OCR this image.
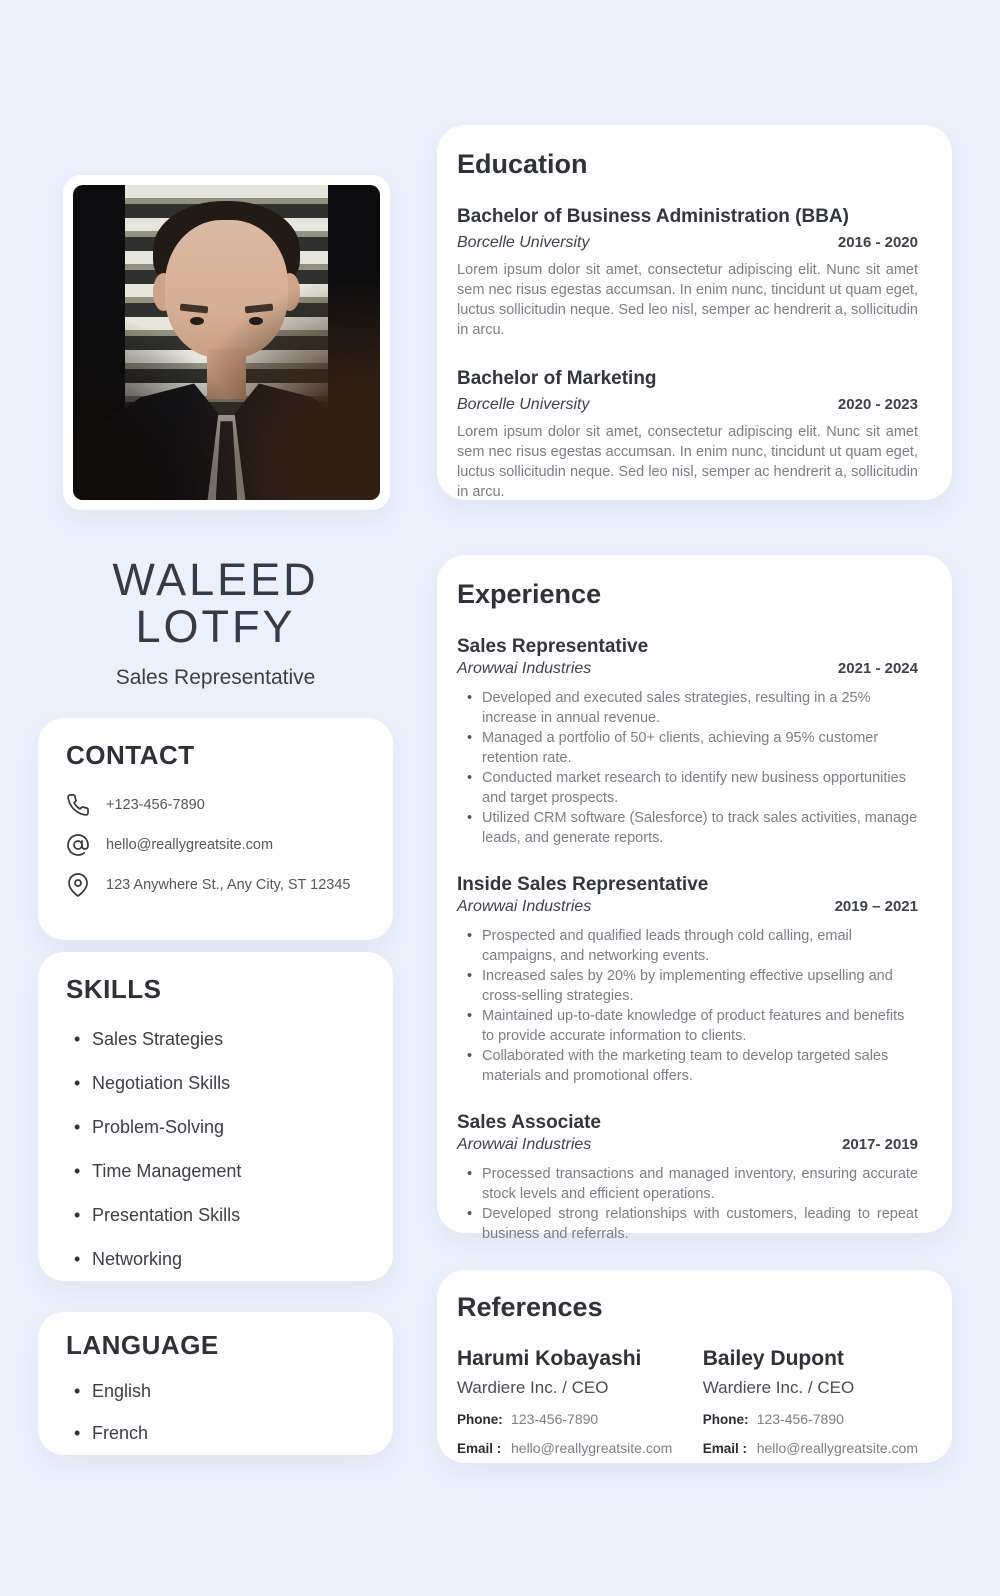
WALEED
LOTFY
Sales Representative
CONTACT
+123-456-7890
hello@reallygreatsite.com
123 Anywhere St., Any City, ST 12345
SKILLS
• Sales Strategies
• Negotiation Skills
• Problem-Solving
• Time Management
• Presentation Skills
• Networking
LANGUAGE
• English
• French
Education
Bachelor of Business Administration (BBA)
Borcelle University	2016 - 2020
Lorem ipsum dolor sit amet, consectetur adipiscing elit. Nunc sit amet sem nec risus egestas accumsan. In enim nunc, tincidunt ut quam eget, luctus sollicitudin neque. Sed leo nisl, semper ac hendrerit a, sollicitudin in arcu.
Bachelor of Marketing
Borcelle University	2020 - 2023
Lorem ipsum dolor sit amet, consectetur adipiscing elit. Nunc sit amet sem nec risus egestas accumsan. In enim nunc, tincidunt ut quam eget, luctus sollicitudin neque. Sed leo nisl, semper ac hendrerit a, sollicitudin in arcu.
Experience
Sales Representative
Arowwai Industries	2021 - 2024
• Developed and executed sales strategies, resulting in a 25% increase in annual revenue.
• Managed a portfolio of 50+ clients, achieving a 95% customer retention rate.
• Conducted market research to identify new business opportunities and target prospects.
• Utilized CRM software (Salesforce) to track sales activities, manage leads, and generate reports.
Inside Sales Representative
Arowwai Industries	2019 – 2021
• Prospected and qualified leads through cold calling, email campaigns, and networking events.
• Increased sales by 20% by implementing effective upselling and cross-selling strategies.
• Maintained up-to-date knowledge of product features and benefits to provide accurate information to clients.
• Collaborated with the marketing team to develop targeted sales materials and promotional offers.
Sales Associate
Arowwai Industries	2017- 2019
• Processed transactions and managed inventory, ensuring accurate stock levels and efficient operations.
• Developed strong relationships with customers, leading to repeat business and referrals.
References
Harumi Kobayashi
Wardiere Inc. / CEO
Phone: 123-456-7890
Email : hello@reallygreatsite.com
Bailey Dupont
Wardiere Inc. / CEO
Phone: 123-456-7890
Email : hello@reallygreatsite.com
